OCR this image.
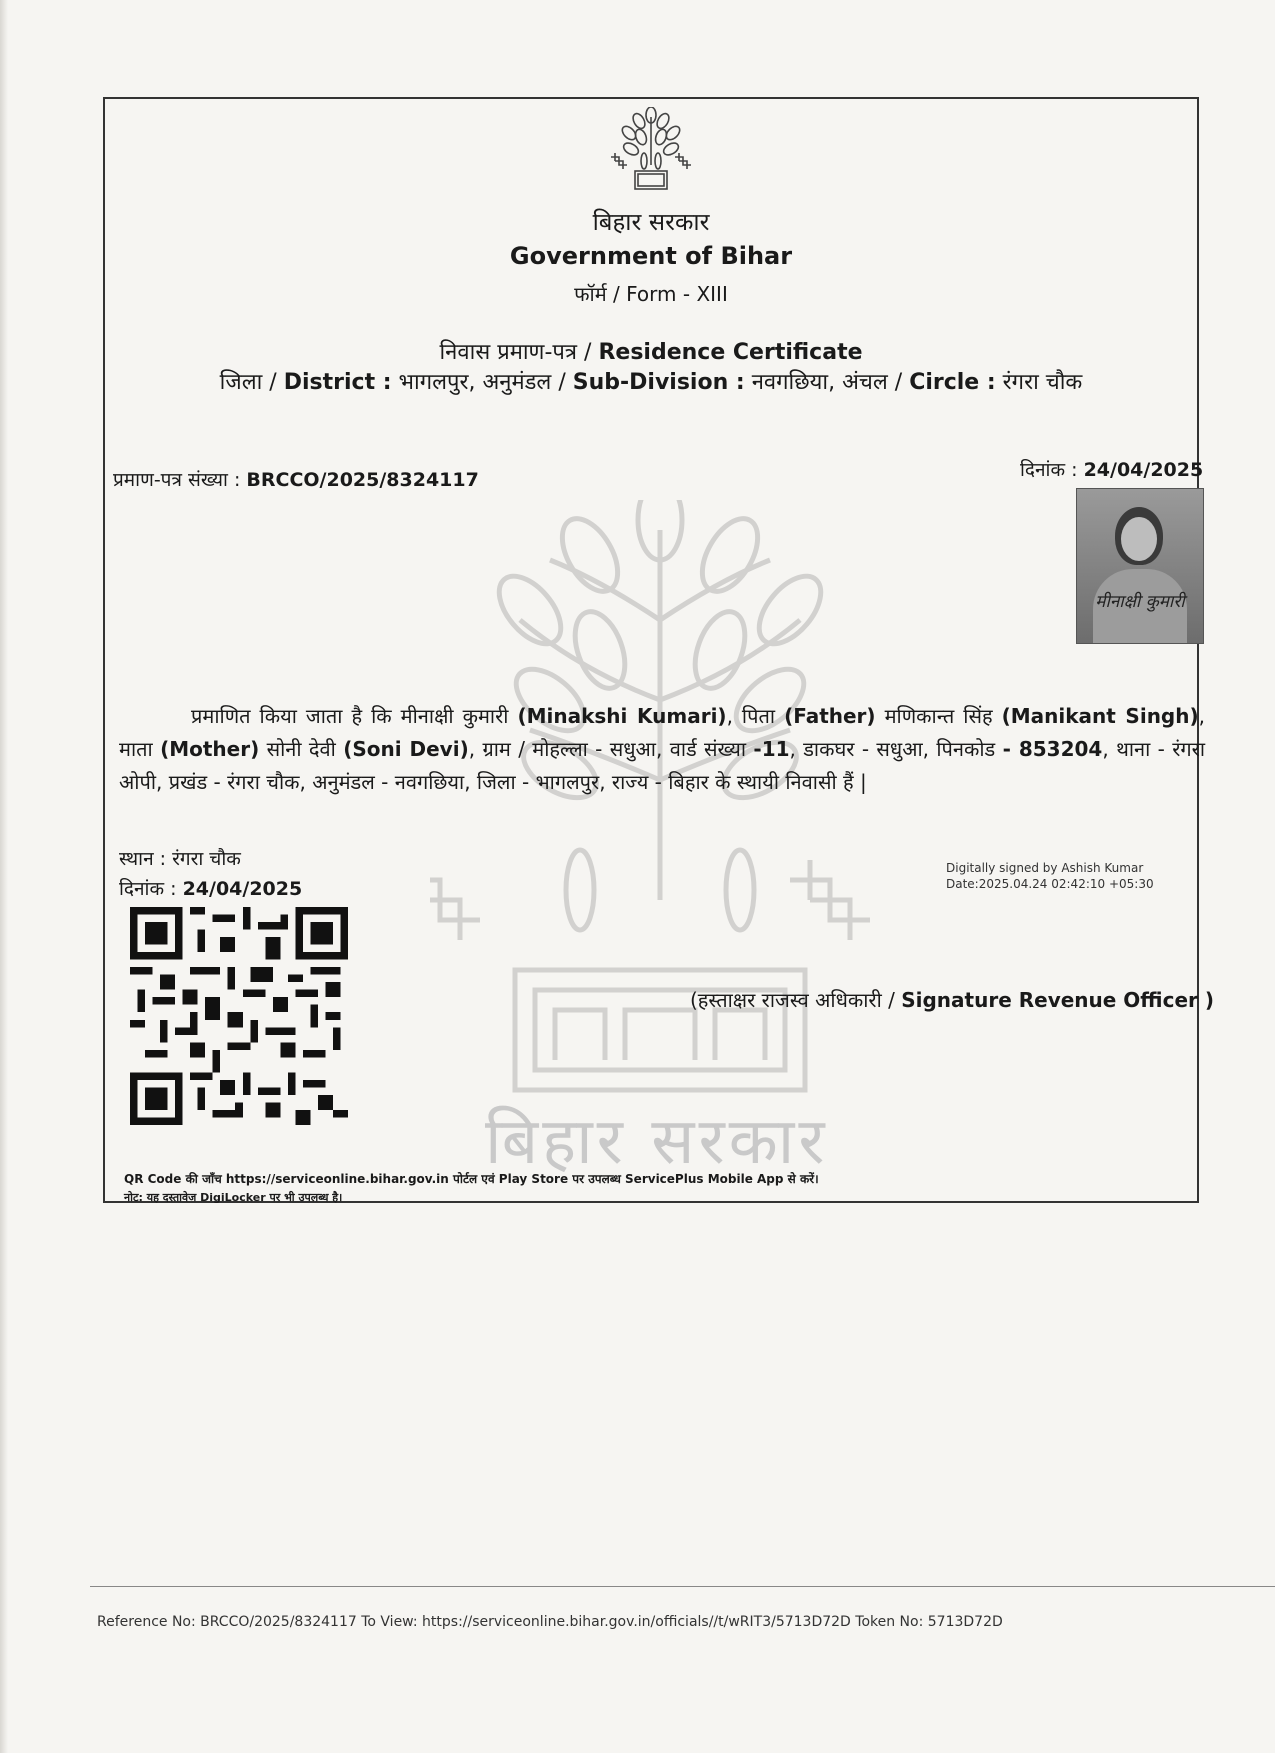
बिहार सरकार
बिहार सरकार
Government of Bihar
फॉर्म / Form - XIII
निवास प्रमाण-पत्र / Residence Certificate
जिला / District : भागलपुर, अनुमंडल / Sub-Division : नवगछिया, अंचल / Circle : रंगरा चौक
प्रमाण-पत्र संख्या : BRCCO/2025/8324117	दिनांक : 24/04/2025
मीनाक्षी कुमारी
प्रमाणित किया जाता है कि मीनाक्षी कुमारी (Minakshi Kumari), पिता (Father) मणिकान्त सिंह (Manikant Singh), माता (Mother) सोनी देवी (Soni Devi), ग्राम / मोहल्ला - सधुआ, वार्ड संख्या -11, डाकघर - सधुआ, पिनकोड - 853204, थाना - रंगरा ओपी, प्रखंड - रंगरा चौक, अनुमंडल - नवगछिया, जिला - भागलपुर, राज्य - बिहार के स्थायी निवासी हैं |
स्थान : रंगरा चौक
दिनांक : 24/04/2025
Digitally signed by Ashish Kumar
Date:2025.04.24 02:42:10 +05:30
(हस्ताक्षर राजस्व अधिकारी / Signature Revenue Officer )
QR Code की जाँच https://serviceonline.bihar.gov.in पोर्टल एवं Play Store पर उपलब्ध ServicePlus Mobile App से करें।
नोट: यह दस्तावेज DigiLocker पर भी उपलब्ध है।
Reference No: BRCCO/2025/8324117 To View: https://serviceonline.bihar.gov.in/officials//t/wRIT3/5713D72D Token No: 5713D72D
